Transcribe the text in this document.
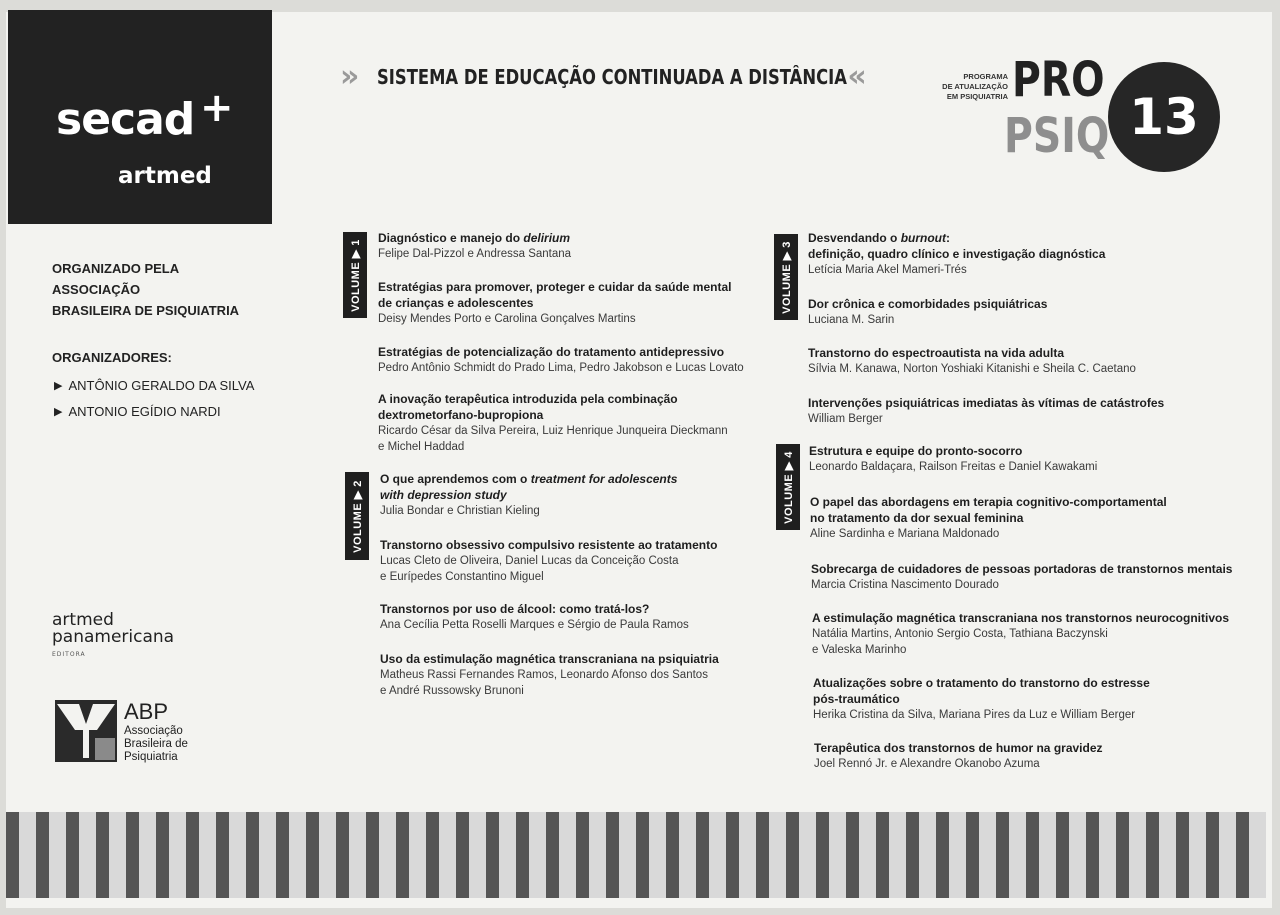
secad +
artmed
» SISTEMA DE EDUCAÇÃO CONTINUADA A DISTÂNCIA «	PROGRAMA
DE ATUALIZAÇÃO
EM PSIQUIATRIA PRO
PSIQ 13
ORGANIZADO PELA ASSOCIAÇÃO
BRASILEIRA DE PSIQUIATRIA
ORGANIZADORES:
▶ ANTÔNIO GERALDO DA SILVA
▶ ANTONIO EGÍDIO NARDI
artmed
panamericana
EDITORA
ABP
Associação
Brasileira de
Psiquiatria
VOLUME ▶ 1
VOLUME ▶ 2
VOLUME ▶ 3
VOLUME ▶ 4
Diagnóstico e manejo do delirium
Felipe Dal-Pizzol e Andressa Santana
Estratégias para promover, proteger e cuidar da saúde mental
de crianças e adolescentes
Deisy Mendes Porto e Carolina Gonçalves Martins
Estratégias de potencialização do tratamento antidepressivo
Pedro Antônio Schmidt do Prado Lima, Pedro Jakobson e Lucas Lovato
A inovação terapêutica introduzida pela combinação
dextrometorfano-bupropiona
Ricardo César da Silva Pereira, Luiz Henrique Junqueira Dieckmann
e Michel Haddad
O que aprendemos com o treatment for adolescents
with depression study
Julia Bondar e Christian Kieling
Transtorno obsessivo compulsivo resistente ao tratamento
Lucas Cleto de Oliveira, Daniel Lucas da Conceição Costa
e Eurípedes Constantino Miguel
Transtornos por uso de álcool: como tratá-los?
Ana Cecília Petta Roselli Marques e Sérgio de Paula Ramos
Uso da estimulação magnética transcraniana na psiquiatria
Matheus Rassi Fernandes Ramos, Leonardo Afonso dos Santos
e André Russowsky Brunoni
Desvendando o burnout:
definição, quadro clínico e investigação diagnóstica
Letícia Maria Akel Mameri-Trés
Dor crônica e comorbidades psiquiátricas
Luciana M. Sarin
Transtorno do espectroautista na vida adulta
Sílvia M. Kanawa, Norton Yoshiaki Kitanishi e Sheila C. Caetano
Intervenções psiquiátricas imediatas às vítimas de catástrofes
William Berger
Estrutura e equipe do pronto-socorro
Leonardo Baldaçara, Railson Freitas e Daniel Kawakami
O papel das abordagens em terapia cognitivo-comportamental
no tratamento da dor sexual feminina
Aline Sardinha e Mariana Maldonado
Sobrecarga de cuidadores de pessoas portadoras de transtornos mentais
Marcia Cristina Nascimento Dourado
A estimulação magnética transcraniana nos transtornos neurocognitivos
Natália Martins, Antonio Sergio Costa, Tathiana Baczynski
e Valeska Marinho
Atualizações sobre o tratamento do transtorno do estresse
pós-traumático
Herika Cristina da Silva, Mariana Pires da Luz e William Berger
Terapêutica dos transtornos de humor na gravidez
Joel Rennó Jr. e Alexandre Okanobo Azuma
